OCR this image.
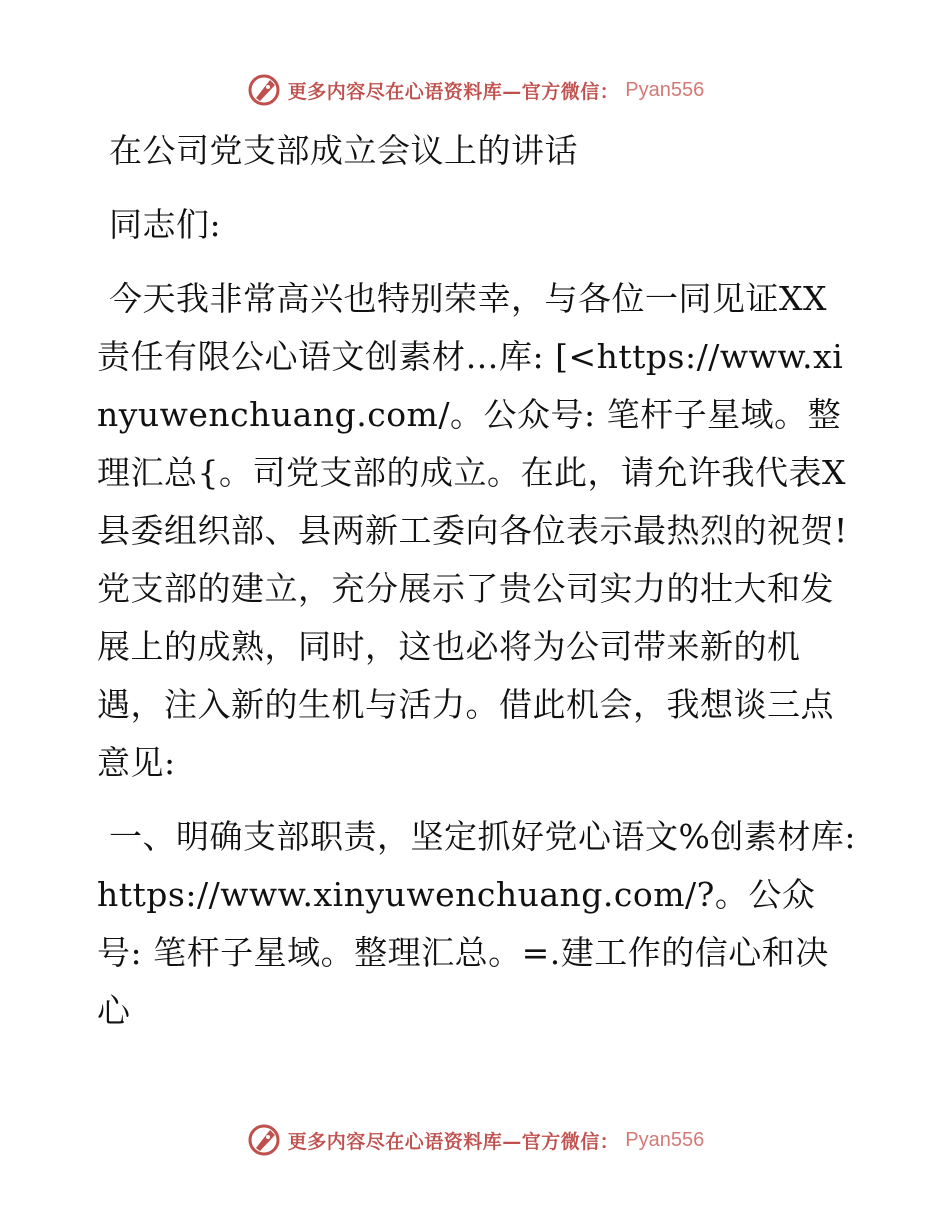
更多内容尽在心语资料库—官方微信： Pyan556

在公司党支部成立会议上的讲话

同志们:

今天我非常高兴也特别荣幸，与各位一同见证XX责任有限公心语文创素材…库: [<https://www.xinyuwenchuang.com/。公众号: 笔杆子星域。整理汇总{。司党支部的成立。在此，请允许我代表X县委组织部、县两新工委向各位表示最热烈的祝贺!党支部的建立，充分展示了贵公司实力的壮大和发展上的成熟，同时，这也必将为公司带来新的机遇，注入新的生机与活力。借此机会，我想谈三点意见:

一、明确支部职责，坚定抓好党心语文%创素材库: https://www.xinyuwenchuang.com/?。公众号: 笔杆子星域。整理汇总。=.建工作的信心和决心

更多内容尽在心语资料库—官方微信： Pyan556
